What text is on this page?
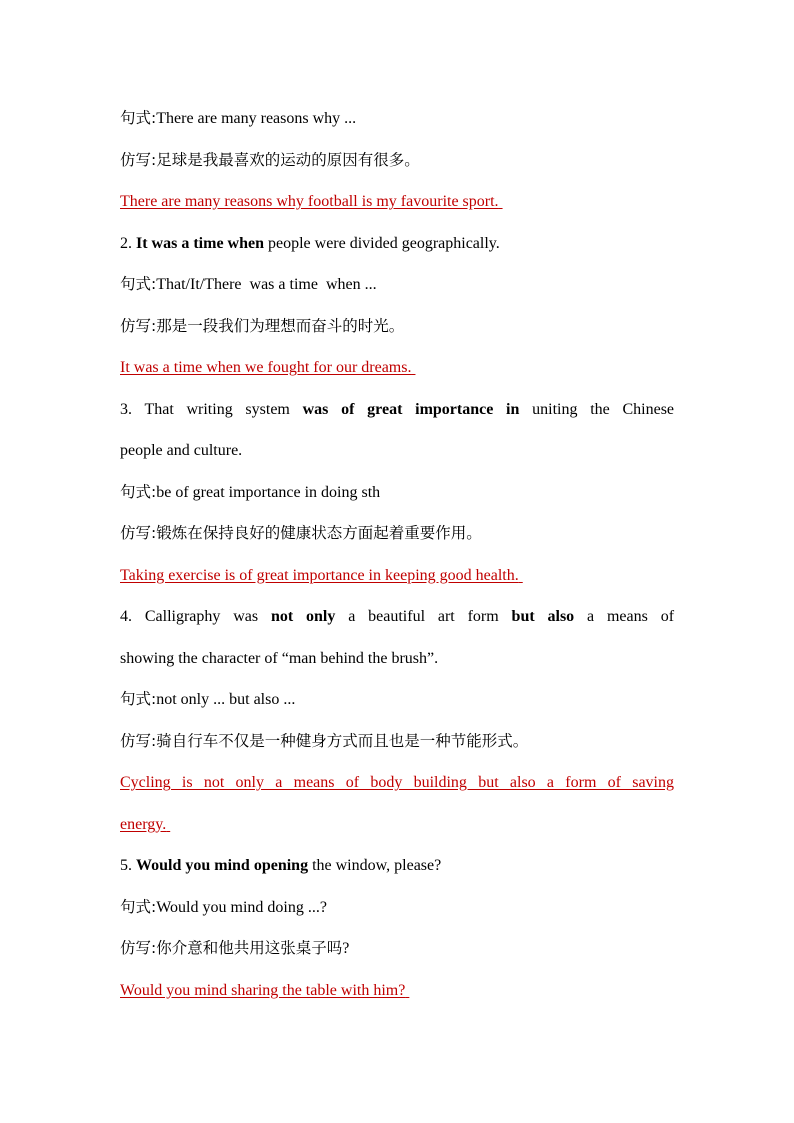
句式:There are many reasons why ...
仿写:足球是我最喜欢的运动的原因有很多。
There are many reasons why football is my favourite sport.
2. It was a time when people were divided geographically.
句式:That/It/There  was a time  when ...
仿写:那是一段我们为理想而奋斗的时光。
It was a time when we fought for our dreams.
3. That writing system was of great importance in uniting the Chinese
people and culture.
句式:be of great importance in doing sth
仿写:锻炼在保持良好的健康状态方面起着重要作用。
Taking exercise is of great importance in keeping good health.
4. Calligraphy was not only a beautiful art form but also a means of
showing the character of “man behind the brush”.
句式:not only ... but also ...
仿写:骑自行车不仅是一种健身方式而且也是一种节能形式。
Cycling is not only a means of body building but also a form of saving
energy.
5. Would you mind opening the window, please?
句式:Would you mind doing ...?
仿写:你介意和他共用这张桌子吗?
Would you mind sharing the table with him?
